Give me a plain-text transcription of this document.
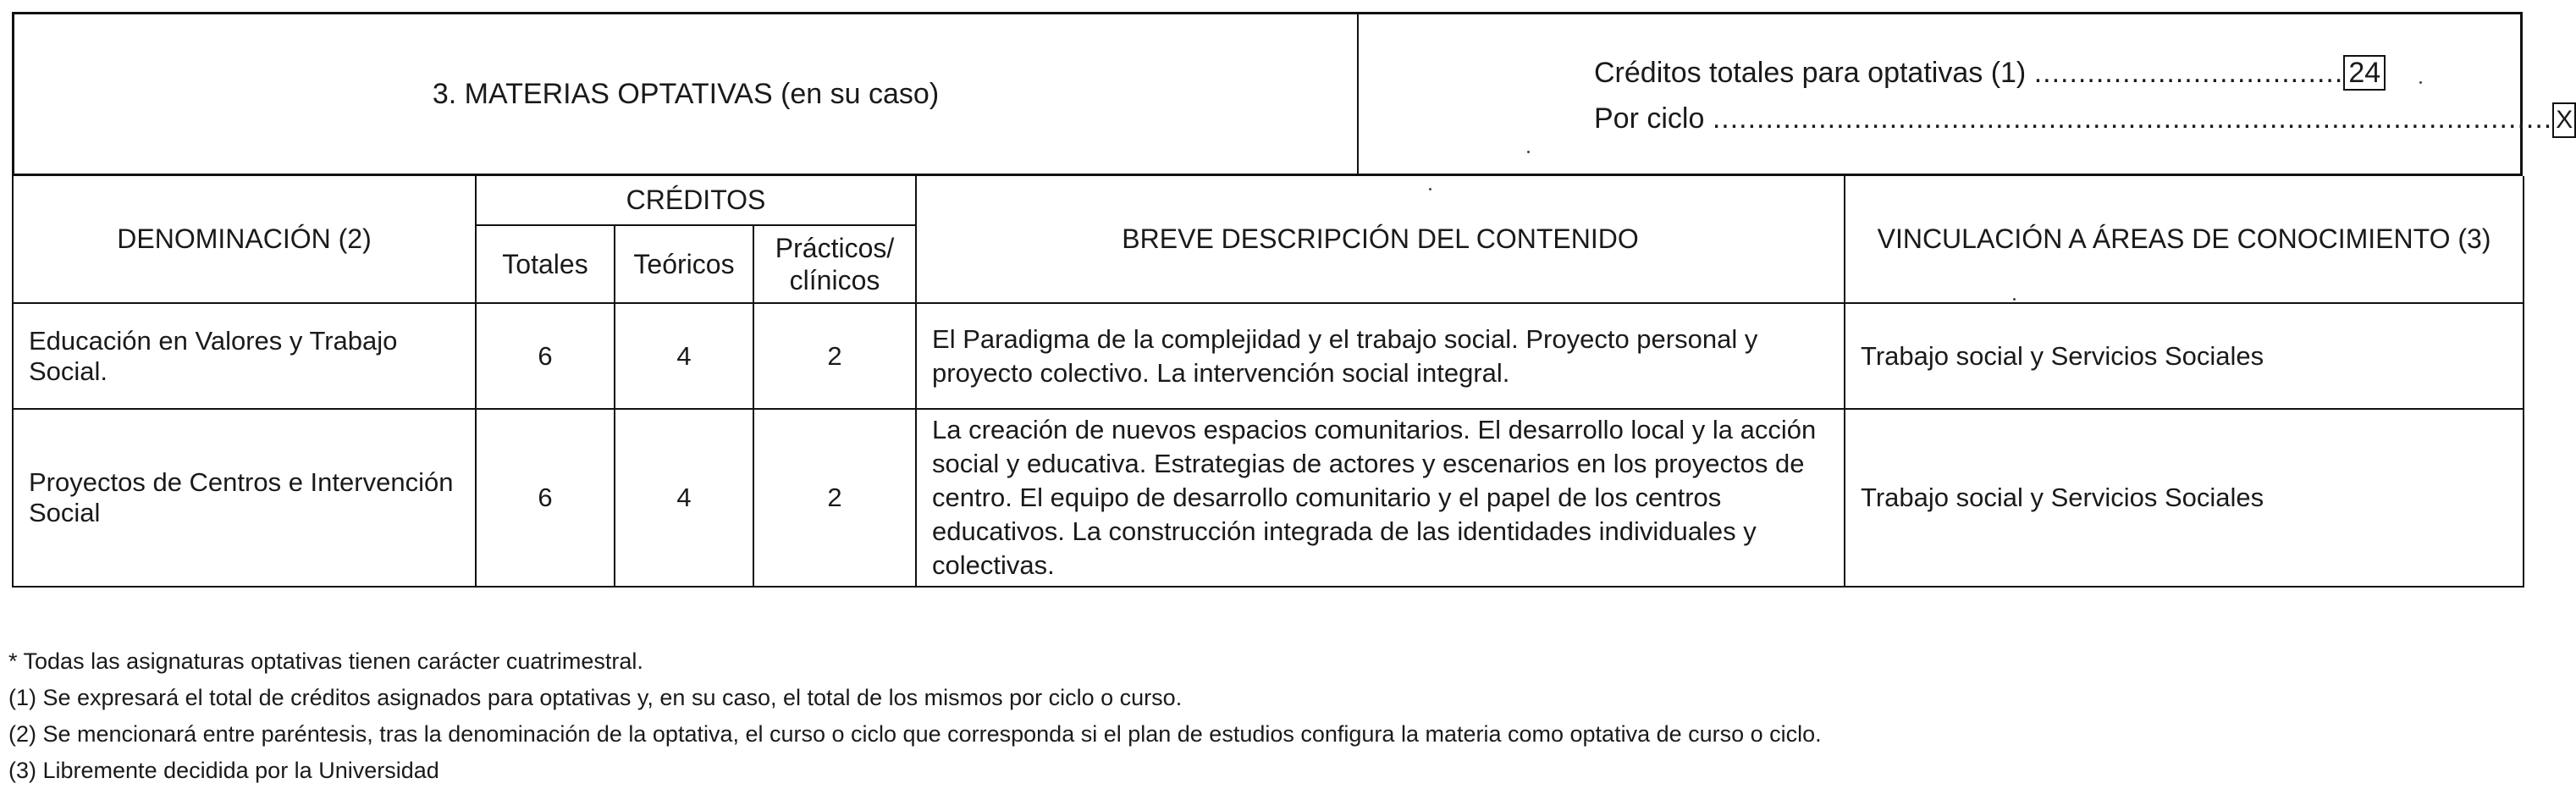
3. MATERIAS OPTATIVAS (en su caso)
Créditos totales para optativas (1) ................................... 24
Por ciclo ............................................................................................... X
DENOMINACIÓN (2)	CRÉDITOS			BREVE DESCRIPCIÓN DEL CONTENIDO	VINCULACIÓN A ÁREAS DE CONOCIMIENTO (3)
	Totales	Teóricos	Prácticos/
clínicos		
Educación en Valores y Trabajo Social.	6	4	2	El Paradigma de la complejidad y el trabajo social. Proyecto personal y proyecto colectivo. La intervención social integral.	Trabajo social y Servicios Sociales
Proyectos de Centros e Intervención Social	6	4	2	La creación de nuevos espacios comunitarios. El desarrollo local y la acción social y educativa. Estrategias de actores y escenarios en los proyectos de centro. El equipo de desarrollo comunitario y el papel de los centros educativos. La construcción integrada de las identidades individuales y colectivas.	Trabajo social y Servicios Sociales
* Todas las asignaturas optativas tienen carácter cuatrimestral.
(1) Se expresará el total de créditos asignados para optativas y, en su caso, el total de los mismos por ciclo o curso.
(2) Se mencionará entre paréntesis, tras la denominación de la optativa, el curso o ciclo que corresponda si el plan de estudios configura la materia como optativa de curso o ciclo.
(3) Libremente decidida por la Universidad
